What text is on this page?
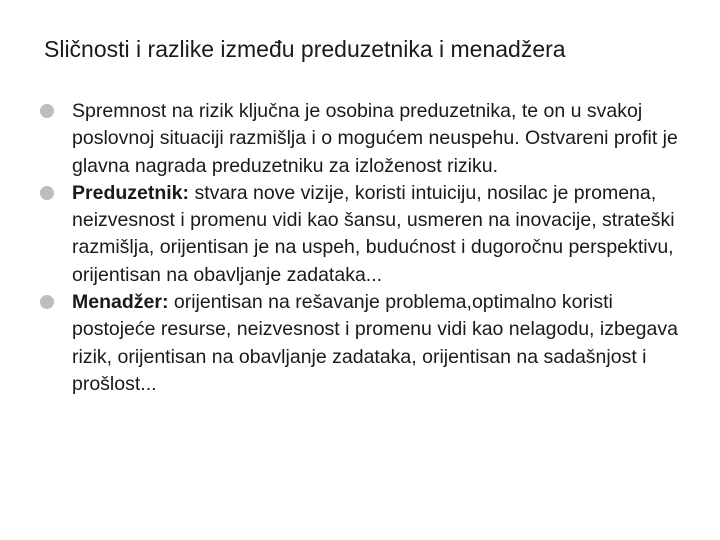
Sličnosti i razlike između preduzetnika i menadžera
Spremnost na rizik ključna je osobina preduzetnika, te on u svakoj poslovnoj situaciji razmišlja i o mogućem neuspehu. Ostvareni profit je glavna nagrada preduzetniku za izloženost riziku.
Preduzetnik: stvara nove vizije, koristi intuiciju, nosilac je promena, neizvesnost i promenu vidi kao šansu, usmeren na inovacije, strateški razmišlja, orijentisan je na uspeh, budućnost i dugoročnu perspektivu, orijentisan na obavljanje zadataka...
Menadžer: orijentisan na rešavanje problema,optimalno koristi postojeće resurse, neizvesnost i promenu vidi kao nelagodu, izbegava rizik, orijentisan na obavljanje zadataka, orijentisan na sadašnjost i prošlost...
